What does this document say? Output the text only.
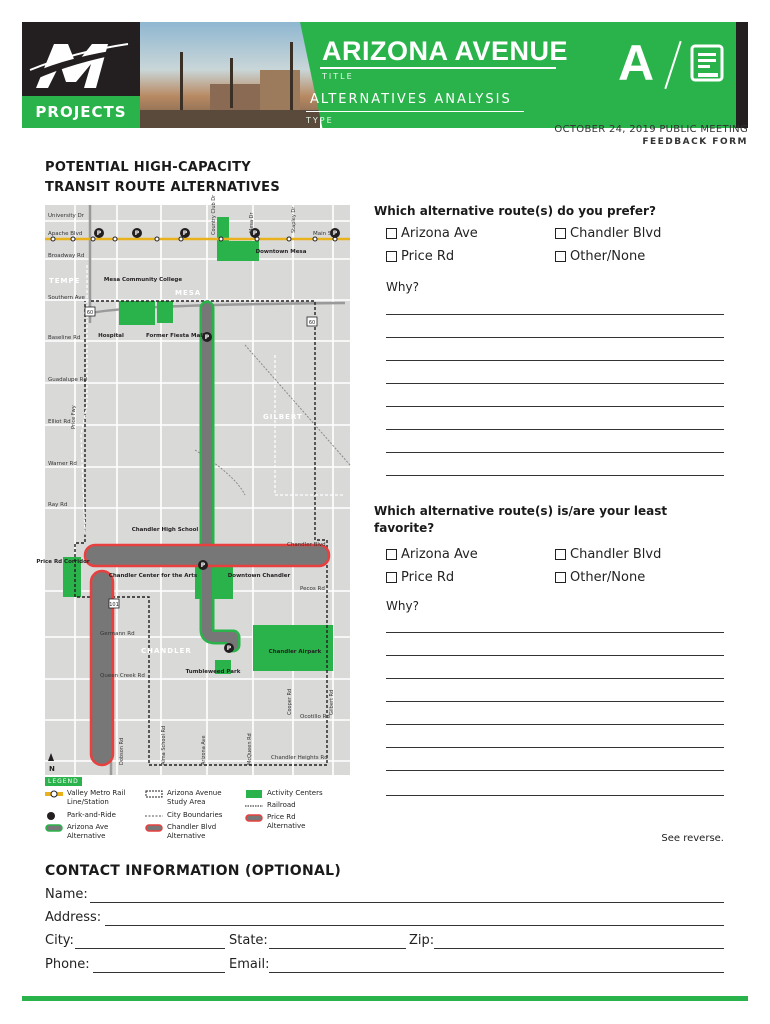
PROJECTS
ARIZONA AVENUE
TITLE
ALTERNATIVES ANALYSIS
TYPE
A
OCTOBER 24, 2019 PUBLIC MEETING
FEEDBACK FORM
POTENTIAL HIGH-CAPACITY
TRANSIT ROUTE ALTERNATIVES
P	P	P	P	P
P
P
P
University Dr
Apache Blvd	Main St
Broadway Rd
Southern Ave
Baseline Rd
Guadalupe Rd
Elliot Rd
Warner Rd
Ray Rd
Chandler Blvd
Pecos Rd
Germann Rd
Queen Creek Rd
Ocotillo Rd
Chandler Heights Rd
Country Club Dr	Mesa Dr	Stapley Dr
Price Fwy
Cooper Rd	Gilbert Rd
Dobson Rd	Alma School Rd	Arizona Ave	McQueen Rd
TEMPE
MESA
GILBERT
CHANDLER
Downtown Mesa
Mesa Community College
Hospital	Former Fiesta Mall
Chandler High School
Price Rd Corridor
Chandler Center for the Arts	Downtown Chandler
Chandler Airpark
Tumbleweed Park
60
60
101
N
LEGEND
Valley Metro Rail Line/Station
Park-and-Ride
Arizona Ave Alternative
Arizona Avenue Study Area
City Boundaries
Chandler Blvd Alternative
Activity Centers
Railroad
Price Rd Alternative
Which alternative route(s) do you prefer?
Arizona Ave	Chandler Blvd
Price Rd	Other/None
Why?
Which alternative route(s) is/are your least favorite?
Arizona Ave	Chandler Blvd
Price Rd	Other/None
Why?
See reverse.
CONTACT INFORMATION (OPTIONAL)
Name:
Address:
City:	State:	Zip:
Phone:	Email:
